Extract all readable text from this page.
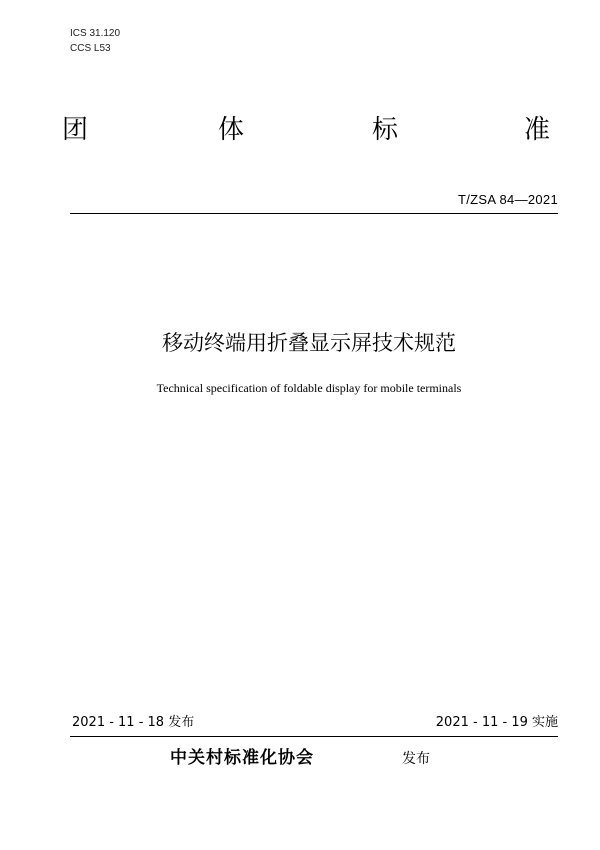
ICS 31.120
CCS L53
团	体	标	准
T/ZSA 84—2021
移动终端用折叠显示屏技术规范
Technical specification of foldable display for mobile terminals
2021 - 11 - 18 发布	2021 - 11 - 19 实施
中关村标准化协会	发布
